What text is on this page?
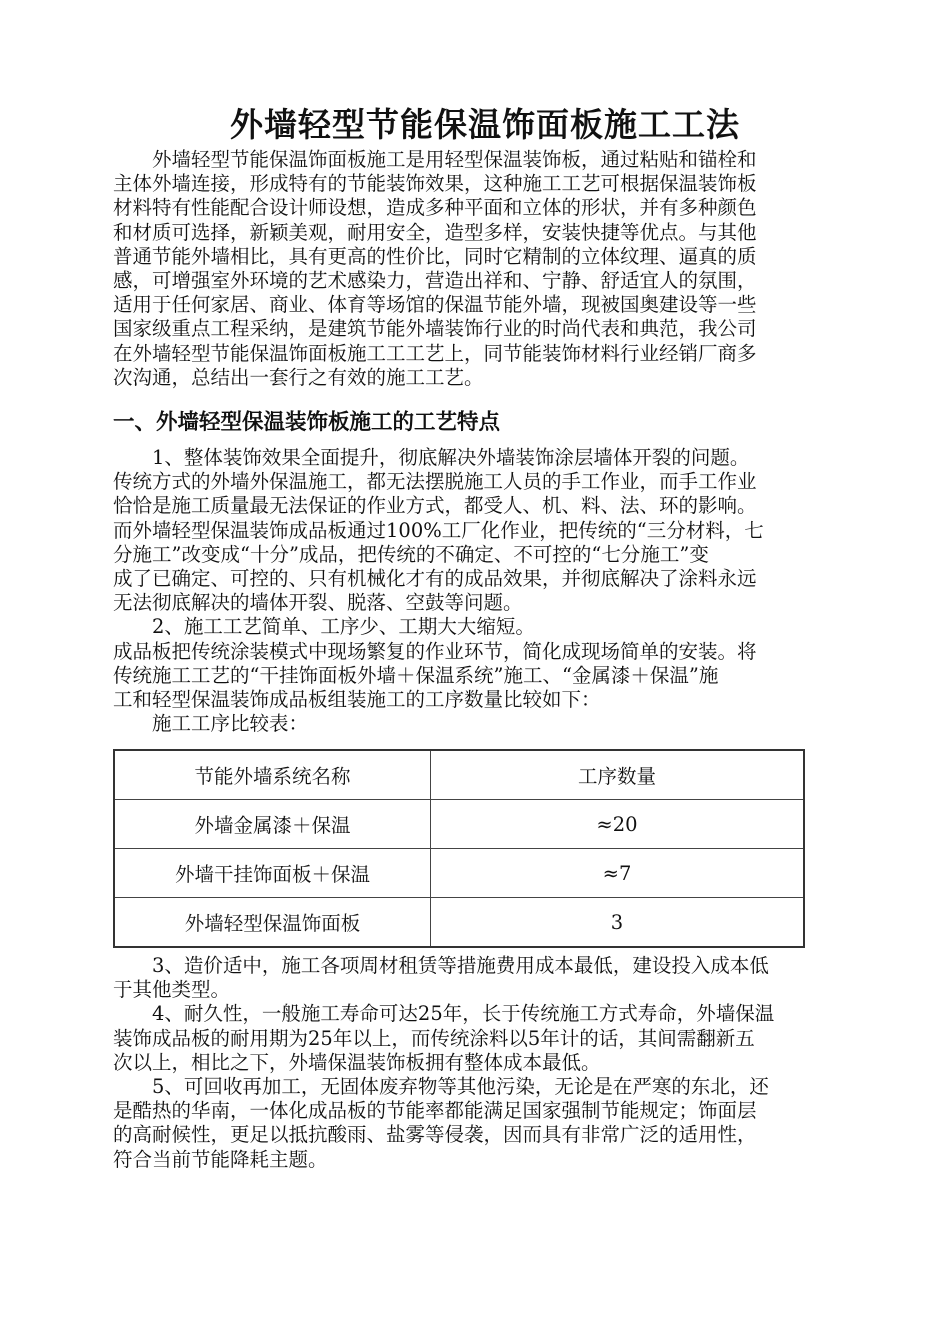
外墙轻型节能保温饰面板施工工法

　　外墙轻型节能保温饰面板施工是用轻型保温装饰板，通过粘贴和锚栓和

主体外墙连接，形成特有的节能装饰效果，这种施工工艺可根据保温装饰板

材料特有性能配合设计师设想，造成多种平面和立体的形状，并有多种颜色

和材质可选择，新颖美观，耐用安全，造型多样，安装快捷等优点。与其他

普通节能外墙相比，具有更高的性价比，同时它精制的立体纹理、逼真的质

感，可增强室外环境的艺术感染力，营造出祥和、宁静、舒适宜人的氛围，

适用于任何家居、商业、体育等场馆的保温节能外墙，现被国奥建设等一些

国家级重点工程采纳，是建筑节能外墙装饰行业的时尚代表和典范，我公司

在外墙轻型节能保温饰面板施工工工艺上，同节能装饰材料行业经销厂商多

次沟通，总结出一套行之有效的施工工艺。

一、外墙轻型保温装饰板施工的工艺特点

　　1、整体装饰效果全面提升，彻底解决外墙装饰涂层墙体开裂的问题。

传统方式的外墙外保温施工，都无法摆脱施工人员的手工作业，而手工作业

恰恰是施工质量最无法保证的作业方式，都受人、机、料、法、环的影响。

而外墙轻型保温装饰成品板通过100%工厂化作业，把传统的“三分材料，七

分施工”改变成“十分”成品，把传统的不确定、不可控的“七分施工”变

成了已确定、可控的、只有机械化才有的成品效果，并彻底解决了涂料永远

无法彻底解决的墙体开裂、脱落、空鼓等问题。

　　2、施工工艺简单、工序少、工期大大缩短。

成品板把传统涂装模式中现场繁复的作业环节，简化成现场简单的安装。将

传统施工工艺的“干挂饰面板外墙＋保温系统”施工、“金属漆＋保温”施

工和轻型保温装饰成品板组装施工的工序数量比较如下：

　　施工工序比较表：

节能外墙系统名称	工序数量
外墙金属漆＋保温	≈20
外墙干挂饰面板＋保温	≈7
外墙轻型保温饰面板	3

　　3、造价适中，施工各项周材租赁等措施费用成本最低，建设投入成本低

于其他类型。

　　4、耐久性，一般施工寿命可达25年，长于传统施工方式寿命，外墙保温

装饰成品板的耐用期为25年以上，而传统涂料以5年计的话，其间需翻新五

次以上，相比之下，外墙保温装饰板拥有整体成本最低。

　　5、可回收再加工，无固体废弃物等其他污染，无论是在严寒的东北，还

是酷热的华南，一体化成品板的节能率都能满足国家强制节能规定；饰面层

的高耐候性，更足以抵抗酸雨、盐雾等侵袭，因而具有非常广泛的适用性，

符合当前节能降耗主题。
